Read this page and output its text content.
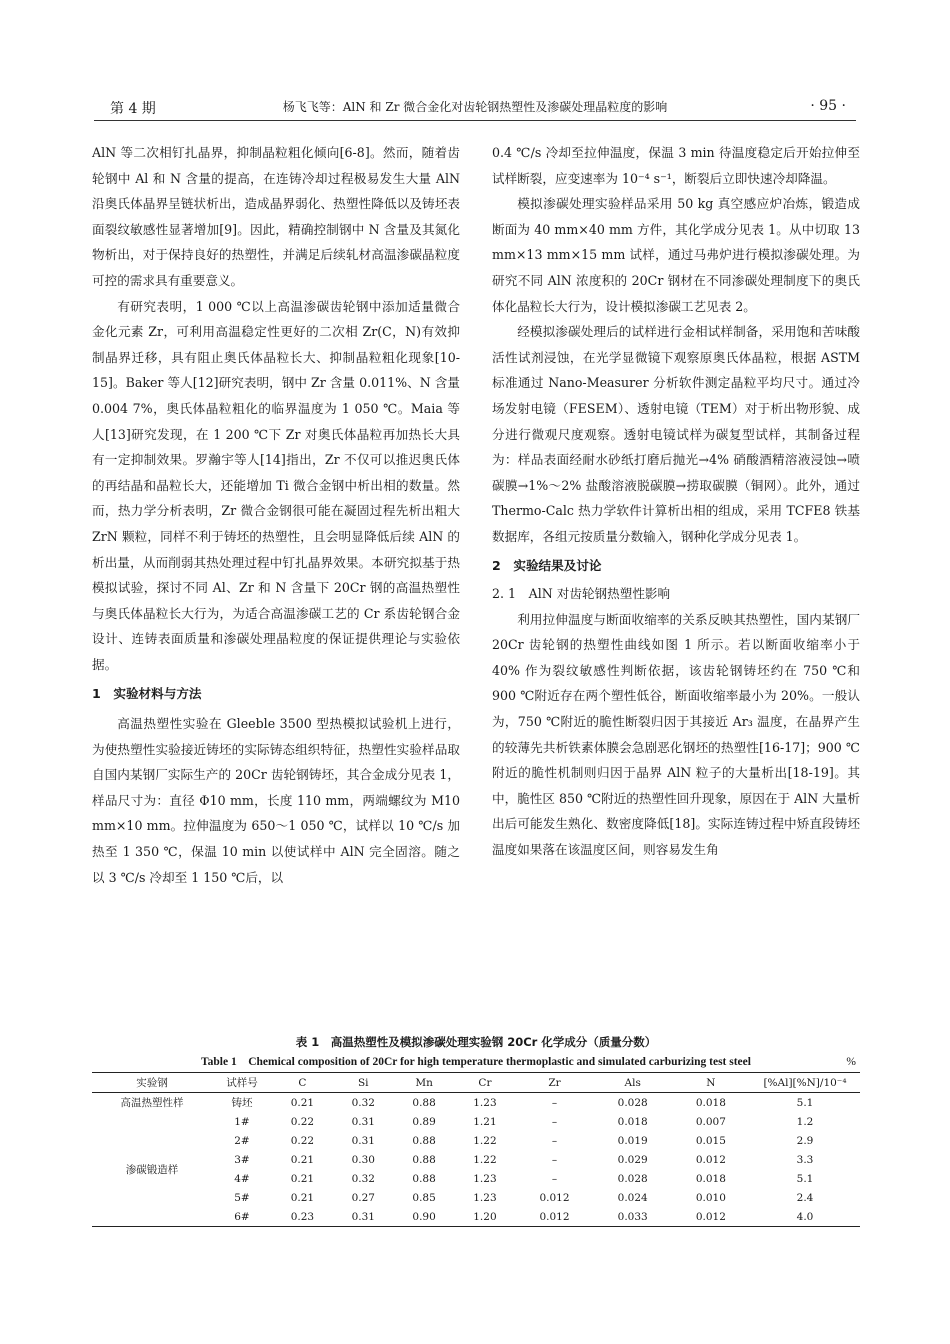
第 4 期	杨飞飞等：AlN 和 Zr 微合金化对齿轮钢热塑性及渗碳处理晶粒度的影响	· 95 ·

AlN 等二次相钉扎晶界，抑制晶粒粗化倾向[6-8]。然而，随着齿轮钢中 Al 和 N 含量的提高，在连铸冷却过程极易发生大量 AlN 沿奥氏体晶界呈链状析出，造成晶界弱化、热塑性降低以及铸坯表面裂纹敏感性显著增加[9]。因此，精确控制钢中 N 含量及其氮化物析出，对于保持良好的热塑性，并满足后续轧材高温渗碳晶粒度可控的需求具有重要意义。

有研究表明，1 000 ℃以上高温渗碳齿轮钢中添加适量微合金化元素 Zr，可利用高温稳定性更好的二次相 Zr(C，N)有效抑制晶界迁移，具有阻止奥氏体晶粒长大、抑制晶粒粗化现象[10-15]。Baker 等人[12]研究表明，钢中 Zr 含量 0.011%、N 含量 0.004 7%，奥氏体晶粒粗化的临界温度为 1 050 ℃。Maia 等人[13]研究发现，在 1 200 ℃下 Zr 对奥氏体晶粒再加热长大具有一定抑制效果。罗瀚宇等人[14]指出，Zr 不仅可以推迟奥氏体的再结晶和晶粒长大，还能增加 Ti 微合金钢中析出相的数量。然而，热力学分析表明，Zr 微合金钢很可能在凝固过程先析出粗大 ZrN 颗粒，同样不利于铸坯的热塑性，且会明显降低后续 AlN 的析出量，从而削弱其热处理过程中钉扎晶界效果。本研究拟基于热模拟试验，探讨不同 Al、Zr 和 N 含量下 20Cr 钢的高温热塑性与奥氏体晶粒长大行为，为适合高温渗碳工艺的 Cr 系齿轮钢合金设计、连铸表面质量和渗碳处理晶粒度的保证提供理论与实验依据。

1　实验材料与方法

高温热塑性实验在 Gleeble 3500 型热模拟试验机上进行，为使热塑性实验接近铸坯的实际铸态组织特征，热塑性实验样品取自国内某钢厂实际生产的 20Cr 齿轮钢铸坯，其合金成分见表 1，样品尺寸为：直径 Φ10 mm，长度 110 mm，两端螺纹为 M10 mm×10 mm。拉伸温度为 650～1 050 ℃，试样以 10 ℃/s 加热至 1 350 ℃，保温 10 min 以使试样中 AlN 完全固溶。随之以 3 ℃/s 冷却至 1 150 ℃后，以

0.4 ℃/s 冷却至拉伸温度，保温 3 min 待温度稳定后开始拉伸至试样断裂，应变速率为 10⁻⁴ s⁻¹，断裂后立即快速冷却降温。

模拟渗碳处理实验样品采用 50 kg 真空感应炉冶炼，锻造成断面为 40 mm×40 mm 方件，其化学成分见表 1。从中切取 13 mm×13 mm×15 mm 试样，通过马弗炉进行模拟渗碳处理。为研究不同 AlN 浓度积的 20Cr 钢材在不同渗碳处理制度下的奥氏体化晶粒长大行为，设计模拟渗碳工艺见表 2。

经模拟渗碳处理后的试样进行金相试样制备，采用饱和苦味酸活性试剂浸蚀，在光学显微镜下观察原奥氏体晶粒，根据 ASTM 标准通过 Nano-Measurer 分析软件测定晶粒平均尺寸。通过冷场发射电镜（FESEM）、透射电镜（TEM）对于析出物形貌、成分进行微观尺度观察。透射电镜试样为碳复型试样，其制备过程为：样品表面经耐水砂纸打磨后抛光→4% 硝酸酒精溶液浸蚀→喷碳膜→1%～2% 盐酸溶液脱碳膜→捞取碳膜（铜网）。此外，通过 Thermo-Calc 热力学软件计算析出相的组成，采用 TCFE8 铁基数据库，各组元按质量分数输入，钢种化学成分见表 1。

2　实验结果及讨论

2. 1　AlN 对齿轮钢热塑性影响

利用拉伸温度与断面收缩率的关系反映其热塑性，国内某钢厂 20Cr 齿轮钢的热塑性曲线如图 1 所示。若以断面收缩率小于 40% 作为裂纹敏感性判断依据，该齿轮钢铸坯约在 750 ℃和 900 ℃附近存在两个塑性低谷，断面收缩率最小为 20%。一般认为，750 ℃附近的脆性断裂归因于其接近 Ar₃ 温度，在晶界产生的较薄先共析铁素体膜会急剧恶化钢坯的热塑性[16-17]；900 ℃附近的脆性机制则归因于晶界 AlN 粒子的大量析出[18-19]。其中，脆性区 850 ℃附近的热塑性回升现象，原因在于 AlN 大量析出后可能发生熟化、数密度降低[18]。实际连铸过程中矫直段铸坯温度如果落在该温度区间，则容易发生角

表 1　高温热塑性及模拟渗碳处理实验钢 20Cr 化学成分（质量分数）
Table 1　Chemical composition of 20Cr for high temperature thermoplastic and simulated carburizing test steel	%
实验钢	试样号	C	Si	Mn	Cr	Zr	Als	N	[%Al][%N]/10⁻⁴
高温热塑性样	铸坯	0.21	0.32	0.88	1.23	–	0.028	0.018	5.1
渗碳锻造样	1#	0.22	0.31	0.89	1.21	–	0.018	0.007	1.2
	2#	0.22	0.31	0.88	1.22	–	0.019	0.015	2.9
	3#	0.21	0.30	0.88	1.22	–	0.029	0.012	3.3
	4#	0.21	0.32	0.88	1.23	–	0.028	0.018	5.1
	5#	0.21	0.27	0.85	1.23	0.012	0.024	0.010	2.4
	6#	0.23	0.31	0.90	1.20	0.012	0.033	0.012	4.0
